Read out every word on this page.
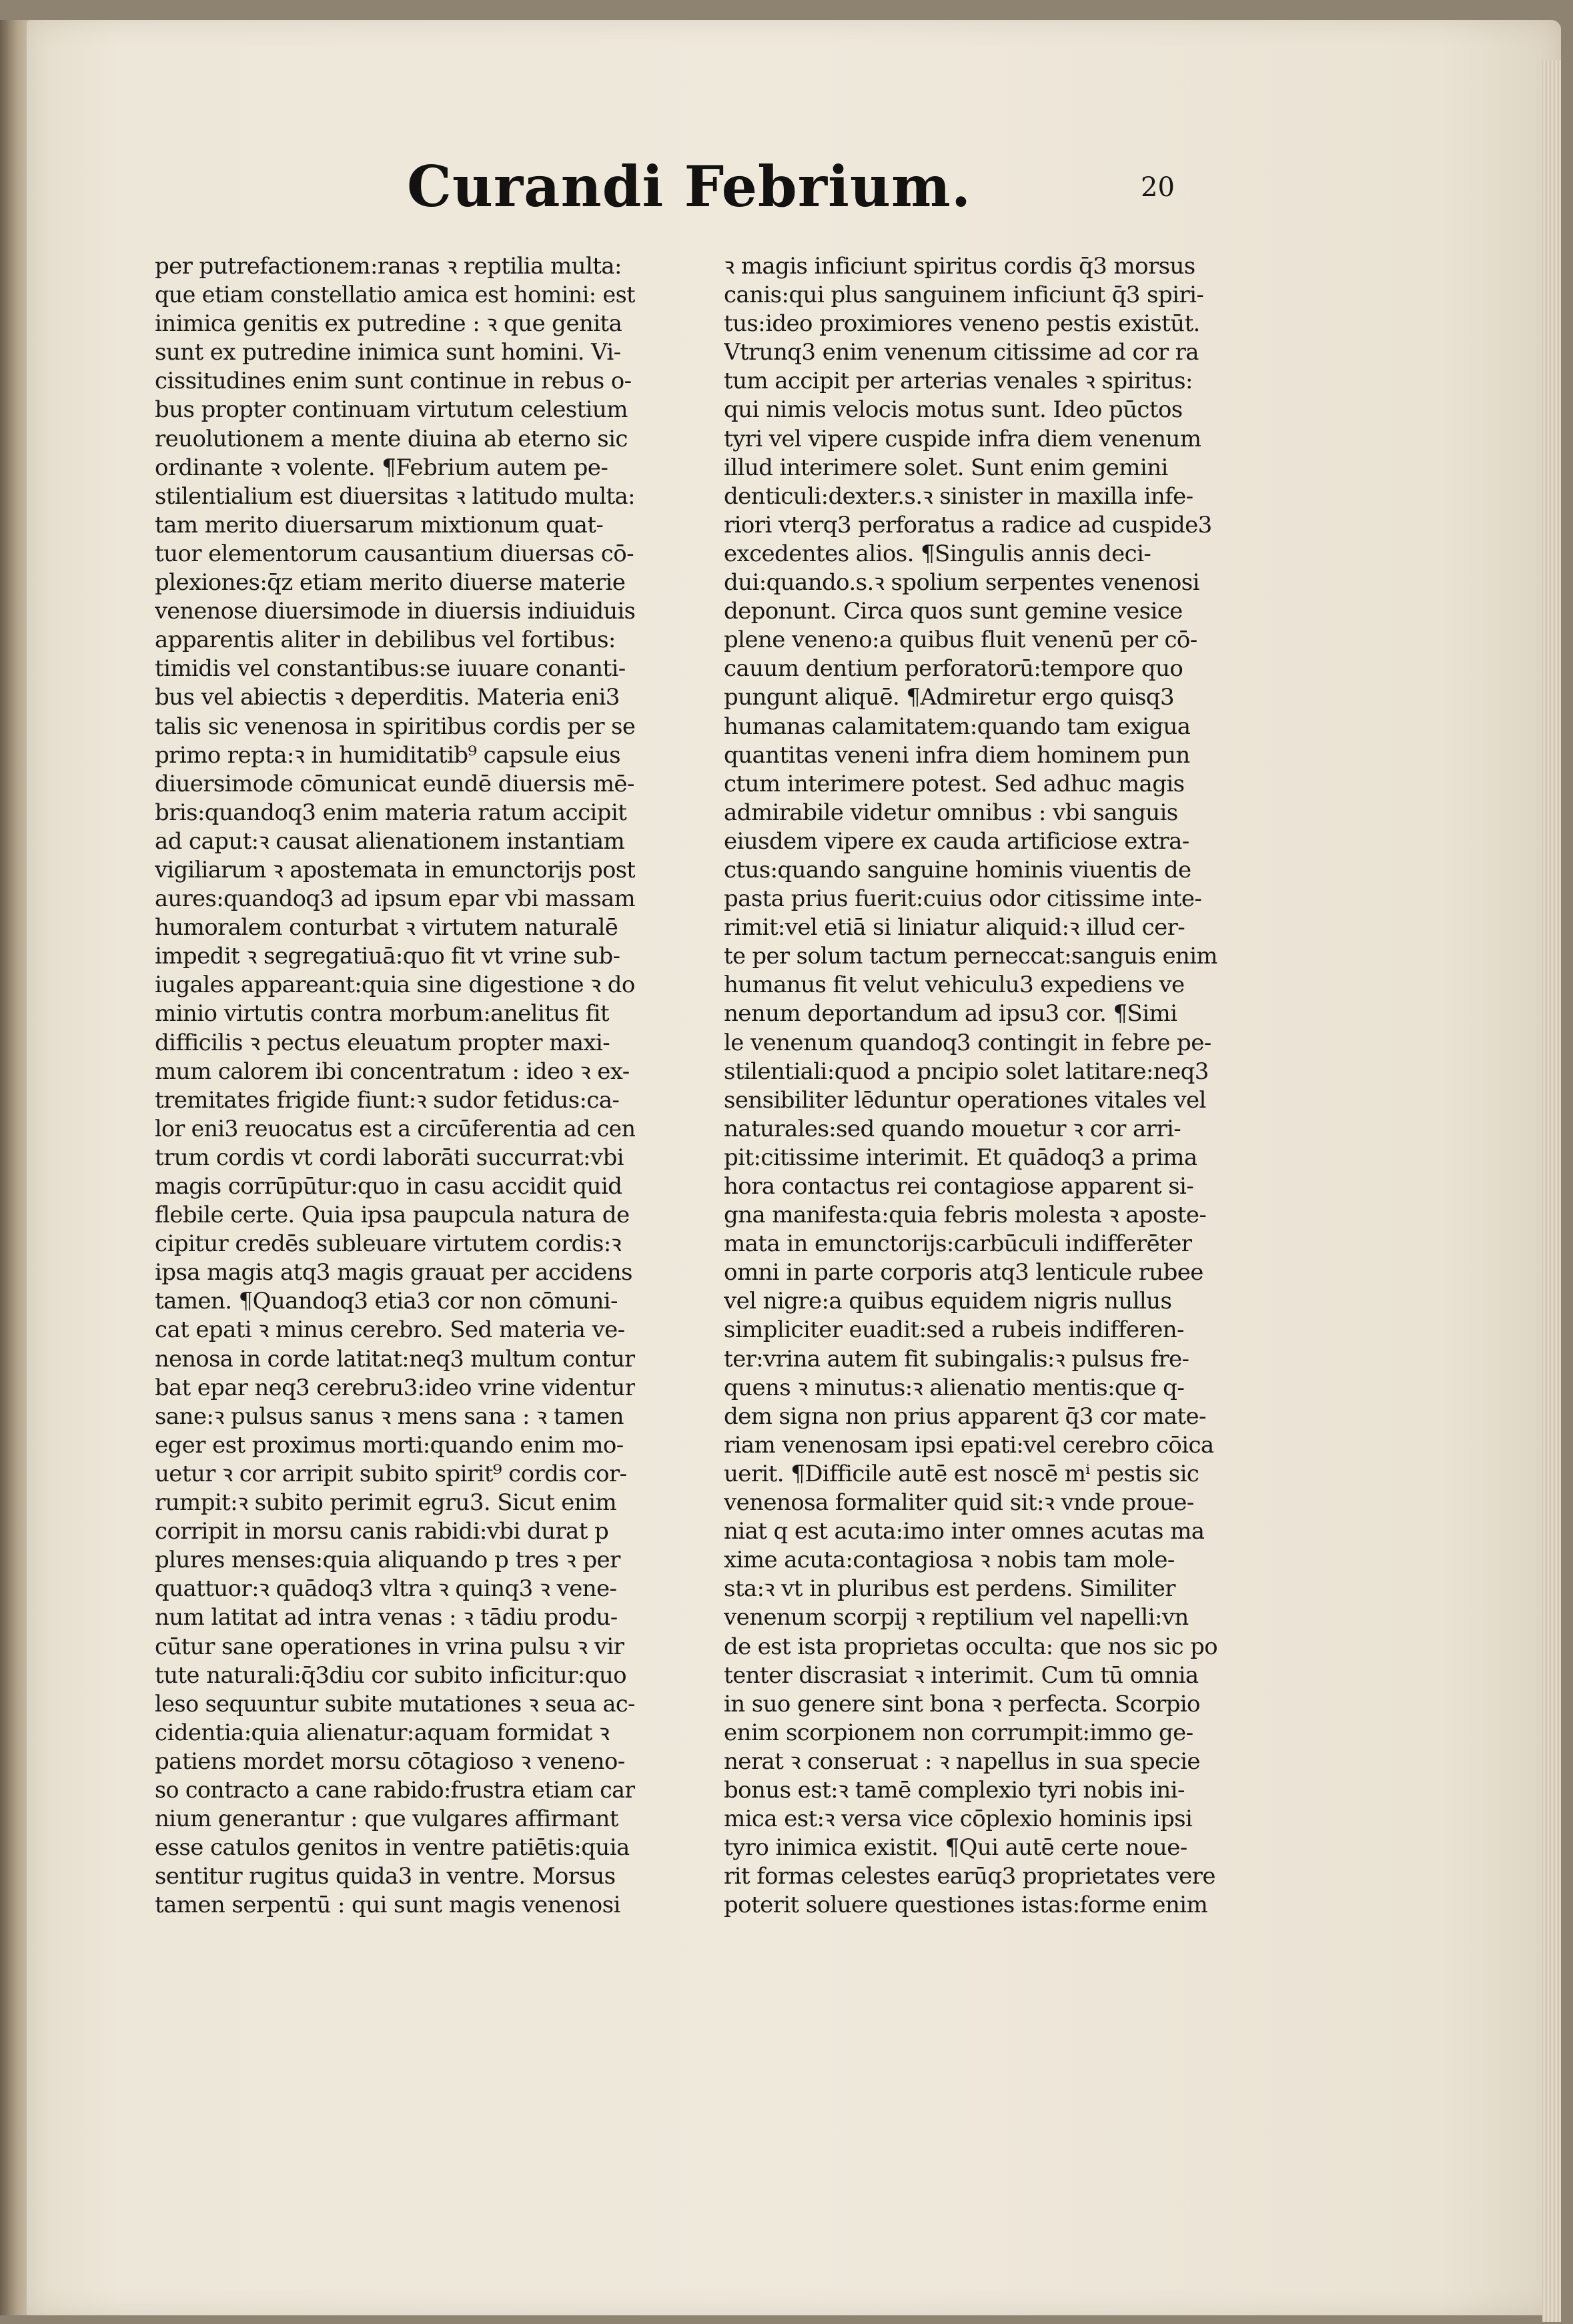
Curandi Febrium.	20
per putrefactionem:ranas ꝛ reptilia multa:
que etiam constellatio amica est homini: est
inimica genitis ex putredine : ꝛ que genita
sunt ex putredine inimica sunt homini. Vi-
cissitudines enim sunt continue in rebus o-
bus propter continuam virtutum celestium
reuolutionem a mente diuina ab eterno sic
ordinante ꝛ volente. ¶Febrium autem pe-
stilentialium est diuersitas ꝛ latitudo multa:
tam merito diuersarum mixtionum quat-
tuor elementorum causantium diuersas cō-
plexiones:q̄z etiam merito diuerse materie
venenose diuersimode in diuersis indiuiduis
apparentis aliter in debilibus vel fortibus:
timidis vel constantibus:se iuuare conanti-
bus vel abiectis ꝛ deperditis. Materia eni3
talis sic venenosa in spiritibus cordis per se
primo repta:ꝛ in humiditatib⁹ capsule eius
diuersimode cōmunicat eundē diuersis mē-
bris:quandoq3 enim materia ratum accipit
ad caput:ꝛ causat alienationem instantiam
vigiliarum ꝛ apostemata in emunctorijs post
aures:quandoq3 ad ipsum epar vbi massam
humoralem conturbat ꝛ virtutem naturalē
impedit ꝛ segregatiuā:quo fit vt vrine sub-
iugales appareant:quia sine digestione ꝛ do
minio virtutis contra morbum:anelitus fit
difficilis ꝛ pectus eleuatum propter maxi-
mum calorem ibi concentratum : ideo ꝛ ex-
tremitates frigide fiunt:ꝛ sudor fetidus:ca-
lor eni3 reuocatus est a circūferentia ad cen
trum cordis vt cordi laborāti succurrat:vbi
magis corrūpūtur:quo in casu accidit quid
flebile certe. Quia ipsa paupcula natura de
cipitur credēs subleuare virtutem cordis:ꝛ
ipsa magis atq3 magis grauat per accidens
tamen. ¶Quandoq3 etia3 cor non cōmuni-
cat epati ꝛ minus cerebro. Sed materia ve-
nenosa in corde latitat:neq3 multum contur
bat epar neq3 cerebru3:ideo vrine videntur
sane:ꝛ pulsus sanus ꝛ mens sana : ꝛ tamen
eger est proximus morti:quando enim mo-
uetur ꝛ cor arripit subito spirit⁹ cordis cor-
rumpit:ꝛ subito perimit egru3. Sicut enim
corripit in morsu canis rabidi:vbi durat p
plures menses:quia aliquando p tres ꝛ per
quattuor:ꝛ quādoq3 vltra ꝛ quinq3 ꝛ vene-
num latitat ad intra venas : ꝛ tādiu produ-
cūtur sane operationes in vrina pulsu ꝛ vir
tute naturali:q̄3diu cor subito inficitur:quo
leso sequuntur subite mutationes ꝛ seua ac-
cidentia:quia alienatur:aquam formidat ꝛ
patiens mordet morsu cōtagioso ꝛ veneno-
so contracto a cane rabido:frustra etiam car
nium generantur : que vulgares affirmant
esse catulos genitos in ventre patiētis:quia
sentitur rugitus quida3 in ventre. Morsus
tamen serpentū : qui sunt magis venenosi
ꝛ magis inficiunt spiritus cordis q̄3 morsus
canis:qui plus sanguinem inficiunt q̄3 spiri-
tus:ideo proximiores veneno pestis existūt.
Vtrunq3 enim venenum citissime ad cor ra
tum accipit per arterias venales ꝛ spiritus:
qui nimis velocis motus sunt. Ideo pūctos
tyri vel vipere cuspide infra diem venenum
illud interimere solet. Sunt enim gemini
denticuli:dexter.s.ꝛ sinister in maxilla infe-
riori vterq3 perforatus a radice ad cuspide3
excedentes alios. ¶Singulis annis deci-
dui:quando.s.ꝛ spolium serpentes venenosi
deponunt. Circa quos sunt gemine vesice
plene veneno:a quibus fluit venenū per cō-
cauum dentium perforatorū:tempore quo
pungunt aliquē. ¶Admiretur ergo quisq3
humanas calamitatem:quando tam exigua
quantitas veneni infra diem hominem pun
ctum interimere potest. Sed adhuc magis
admirabile videtur omnibus : vbi sanguis
eiusdem vipere ex cauda artificiose extra-
ctus:quando sanguine hominis viuentis de
pasta prius fuerit:cuius odor citissime inte-
rimit:vel etiā si liniatur aliquid:ꝛ illud cer-
te per solum tactum perneccat:sanguis enim
humanus fit velut vehiculu3 expediens ve
nenum deportandum ad ipsu3 cor. ¶Simi
le venenum quandoq3 contingit in febre pe-
stilentiali:quod a pncipio solet latitare:neq3
sensibiliter lēduntur operationes vitales vel
naturales:sed quando mouetur ꝛ cor arri-
pit:citissime interimit. Et quādoq3 a prima
hora contactus rei contagiose apparent si-
gna manifesta:quia febris molesta ꝛ aposte-
mata in emunctorijs:carbūculi indifferēter
omni in parte corporis atq3 lenticule rubee
vel nigre:a quibus equidem nigris nullus
simpliciter euadit:sed a rubeis indifferen-
ter:vrina autem fit subingalis:ꝛ pulsus fre-
quens ꝛ minutus:ꝛ alienatio mentis:que q-
dem signa non prius apparent q̄3 cor mate-
riam venenosam ipsi epati:vel cerebro cōica
uerit. ¶Difficile autē est noscē mⁱ pestis sic
venenosa formaliter quid sit:ꝛ vnde proue-
niat q est acuta:imo inter omnes acutas ma
xime acuta:contagiosa ꝛ nobis tam mole-
sta:ꝛ vt in pluribus est perdens. Similiter
venenum scorpij ꝛ reptilium vel napelli:vn
de est ista proprietas occulta: que nos sic po
tenter discrasiat ꝛ interimit. Cum tū omnia
in suo genere sint bona ꝛ perfecta. Scorpio
enim scorpionem non corrumpit:immo ge-
nerat ꝛ conseruat : ꝛ napellus in sua specie
bonus est:ꝛ tamē complexio tyri nobis ini-
mica est:ꝛ versa vice cōplexio hominis ipsi
tyro inimica existit. ¶Qui autē certe noue-
rit formas celestes earūq3 proprietates vere
poterit soluere questiones istas:forme enim
